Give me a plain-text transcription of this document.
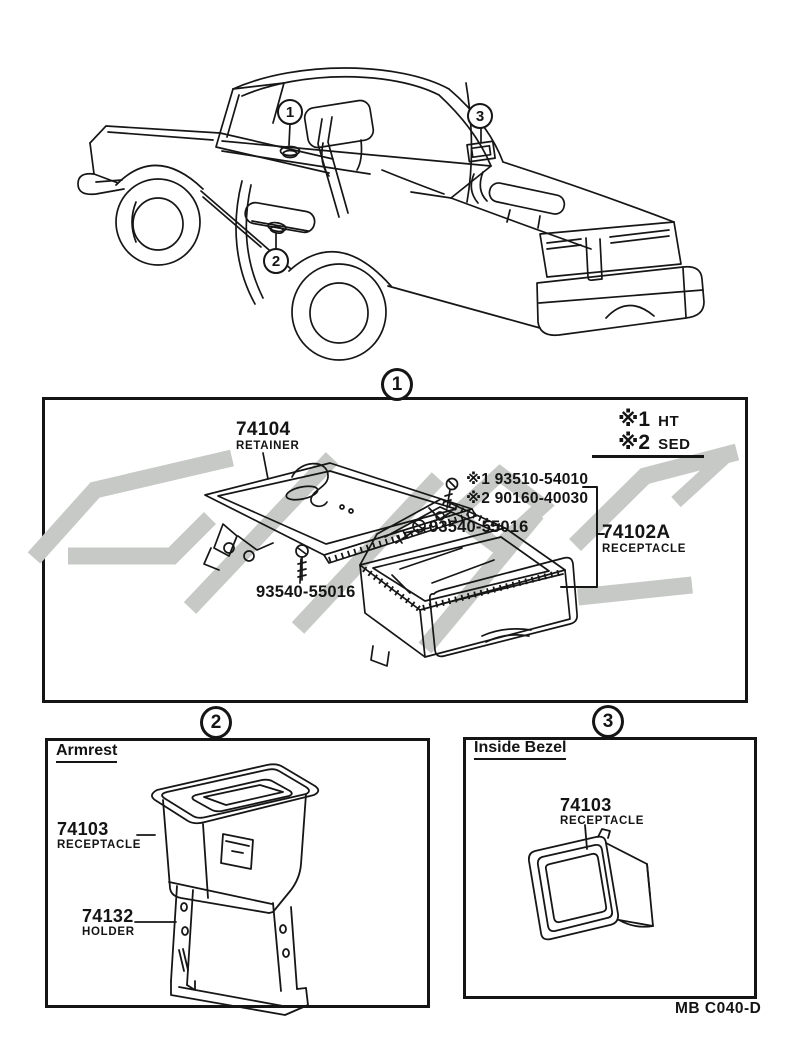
1
2
3
1
74104
RETAINER
※1 HT
※2 SED
※1 93510-54010
※2 90160-40030
93540-55016
93540-55016
74102A
RECEPTACLE
2
Armrest
74103
RECEPTACLE
74132
HOLDER
3
Inside Bezel
74103
RECEPTACLE
MB C040-D
